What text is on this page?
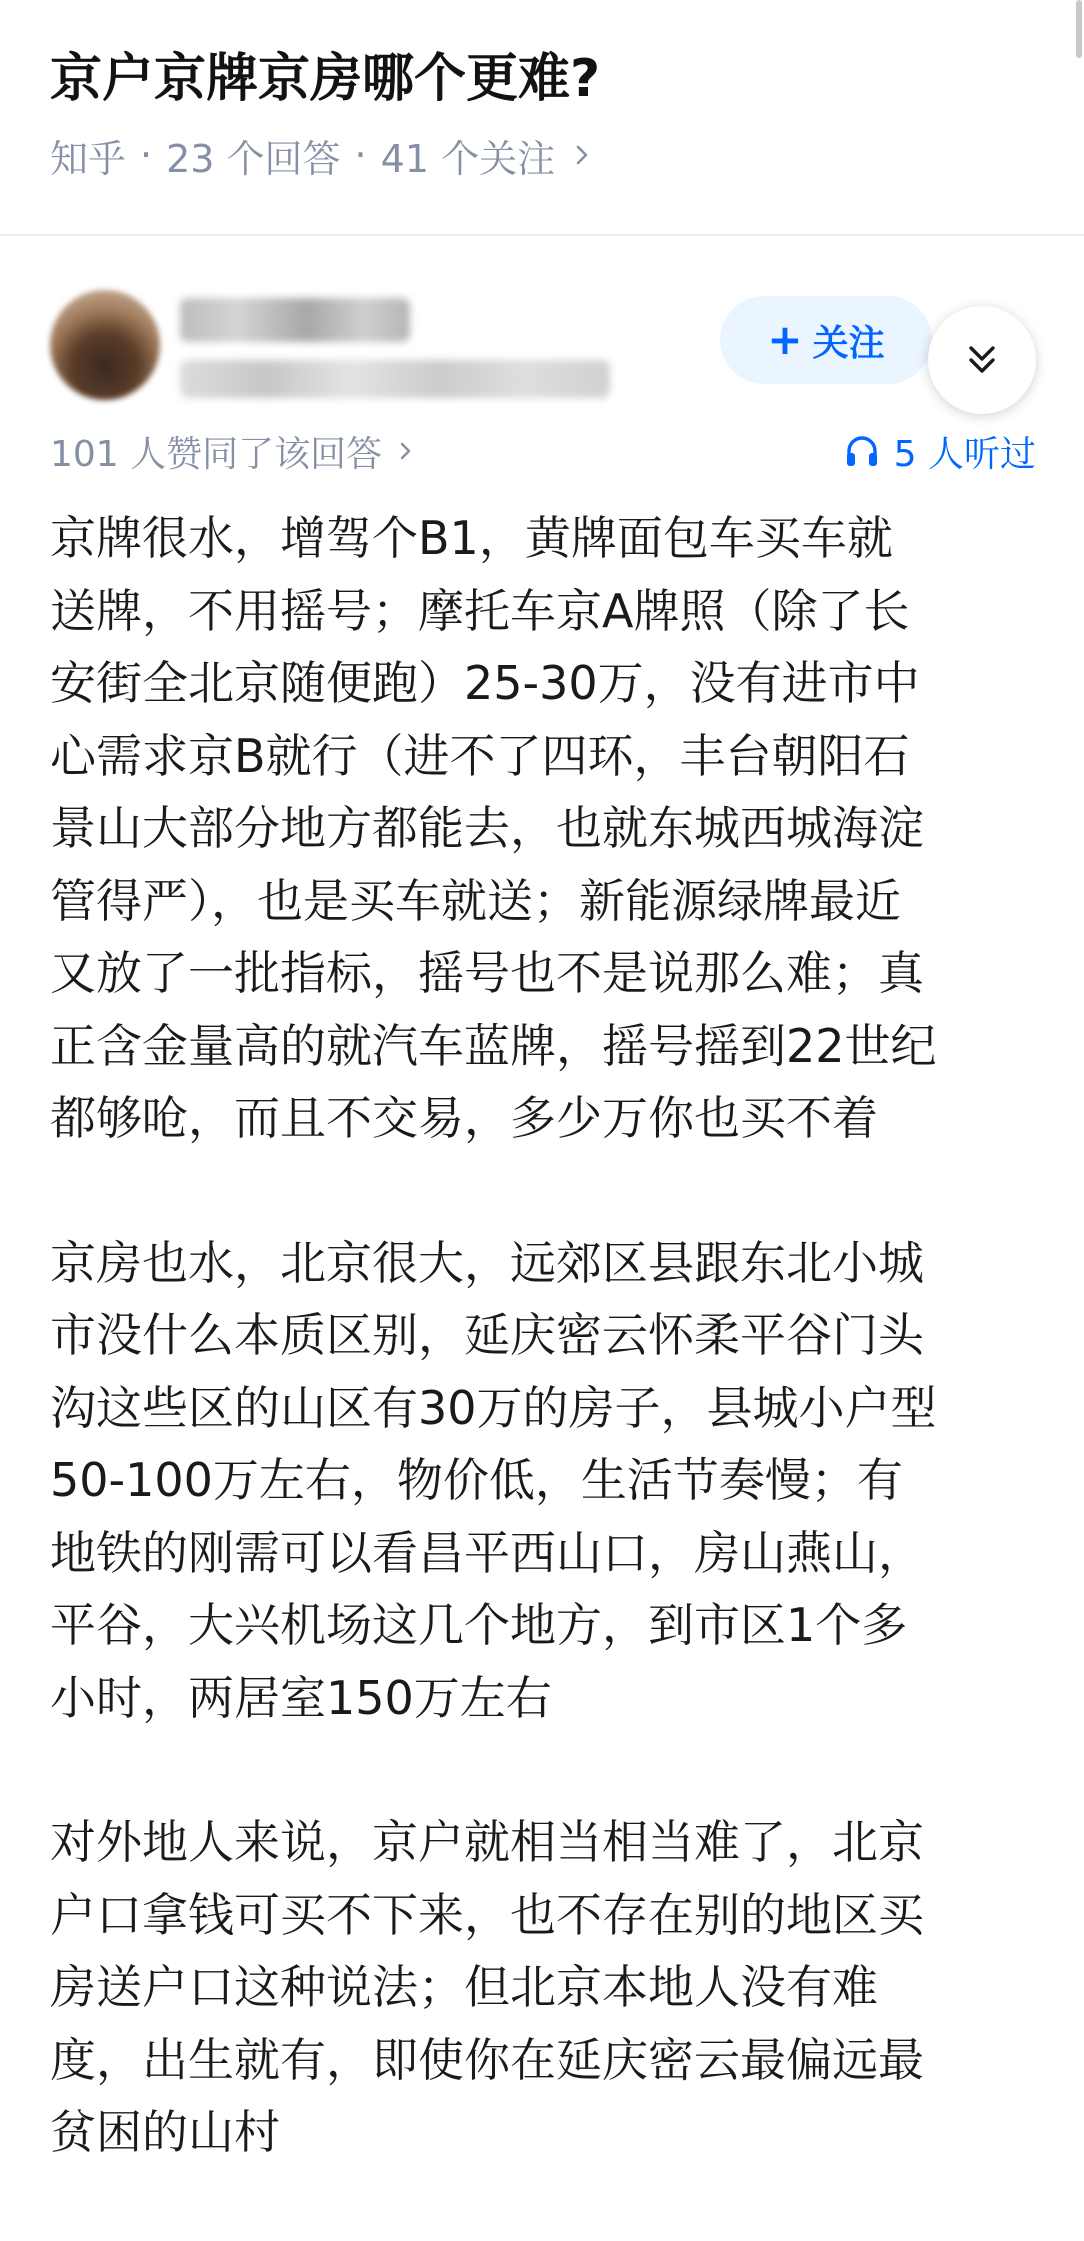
京户京牌京房哪个更难?
知乎 · 23 个回答 · 41 个关注
+ 关注
101 人赞同了该回答	5 人听过

京牌很水，增驾个B1，黄牌面包车买车就
送牌，不用摇号；摩托车京A牌照（除了长
安街全北京随便跑）25-30万，没有进市中
心需求京B就行（进不了四环，丰台朝阳石
景山大部分地方都能去，也就东城西城海淀
管得严），也是买车就送；新能源绿牌最近
又放了一批指标，摇号也不是说那么难；真
正含金量高的就汽车蓝牌，摇号摇到22世纪
都够呛，而且不交易，多少万你也买不着

京房也水，北京很大，远郊区县跟东北小城
市没什么本质区别，延庆密云怀柔平谷门头
沟这些区的山区有30万的房子，县城小户型
50-100万左右，物价低，生活节奏慢；有
地铁的刚需可以看昌平西山口，房山燕山，
平谷，大兴机场这几个地方，到市区1个多
小时，两居室150万左右

对外地人来说，京户就相当相当难了，北京
户口拿钱可买不下来，也不存在别的地区买
房送户口这种说法；但北京本地人没有难
度，出生就有，即使你在延庆密云最偏远最
贫困的山村
